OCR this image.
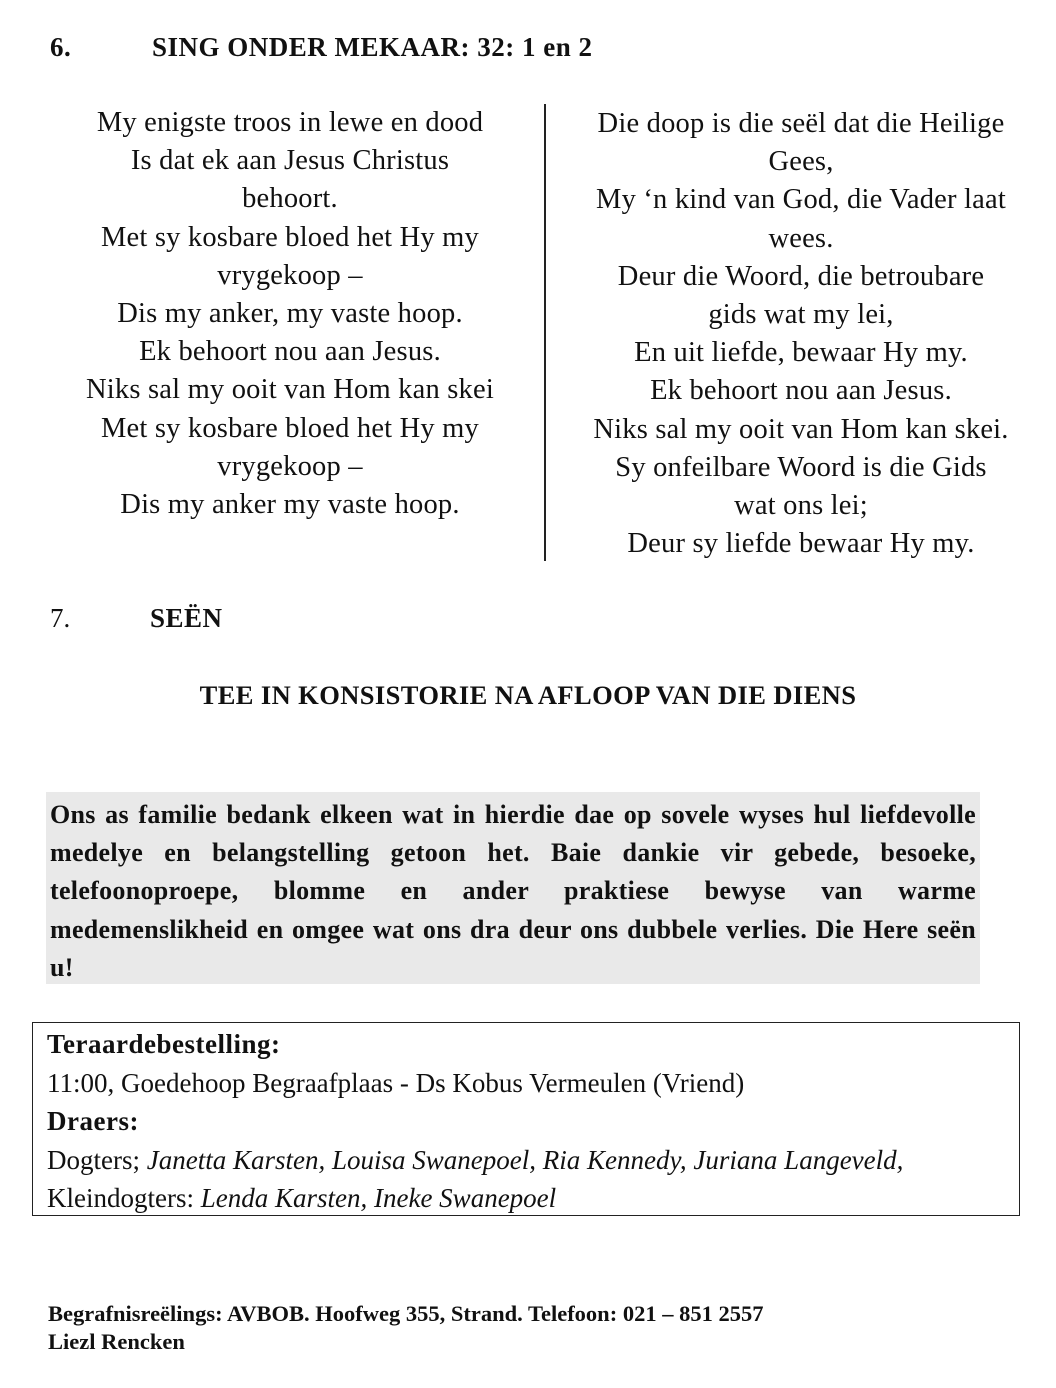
6.	SING ONDER MEKAAR: 32: 1 en 2
My enigste troos in lewe en dood
Is dat ek aan Jesus Christus
behoort.
Met sy kosbare bloed het Hy my
vrygekoop –
Dis my anker, my vaste hoop.
Ek behoort nou aan Jesus.
Niks sal my ooit van Hom kan skei
Met sy kosbare bloed het Hy my
vrygekoop –
Dis my anker my vaste hoop.
Die doop is die seël dat die Heilige
Gees,
My ‘n kind van God, die Vader laat
wees.
Deur die Woord, die betroubare
gids wat my lei,
En uit liefde, bewaar Hy my.
Ek behoort nou aan Jesus.
Niks sal my ooit van Hom kan skei.
Sy onfeilbare Woord is die Gids
wat ons lei;
Deur sy liefde bewaar Hy my.
7.	SEËN
TEE IN KONSISTORIE NA AFLOOP VAN DIE DIENS

Ons as familie bedank elkeen wat in hierdie dae op sovele wyses hul liefdevolle medelye en belangstelling getoon het. Baie dankie vir gebede, besoeke, telefoonoproepe, blomme en ander praktiese bewyse van warme medemenslikheid en omgee wat ons dra deur ons dubbele verlies. Die Here seën u!

Teraardebestelling:
11:00, Goedehoop Begraafplaas - Ds Kobus Vermeulen (Vriend)
Draers:
Dogters; Janetta Karsten, Louisa Swanepoel, Ria Kennedy, Juriana Langeveld, Kleindogters: Lenda Karsten, Ineke Swanepoel
Begrafnisreëlings: AVBOB. Hoofweg 355, Strand. Telefoon: 021 – 851 2557
Liezl Rencken
